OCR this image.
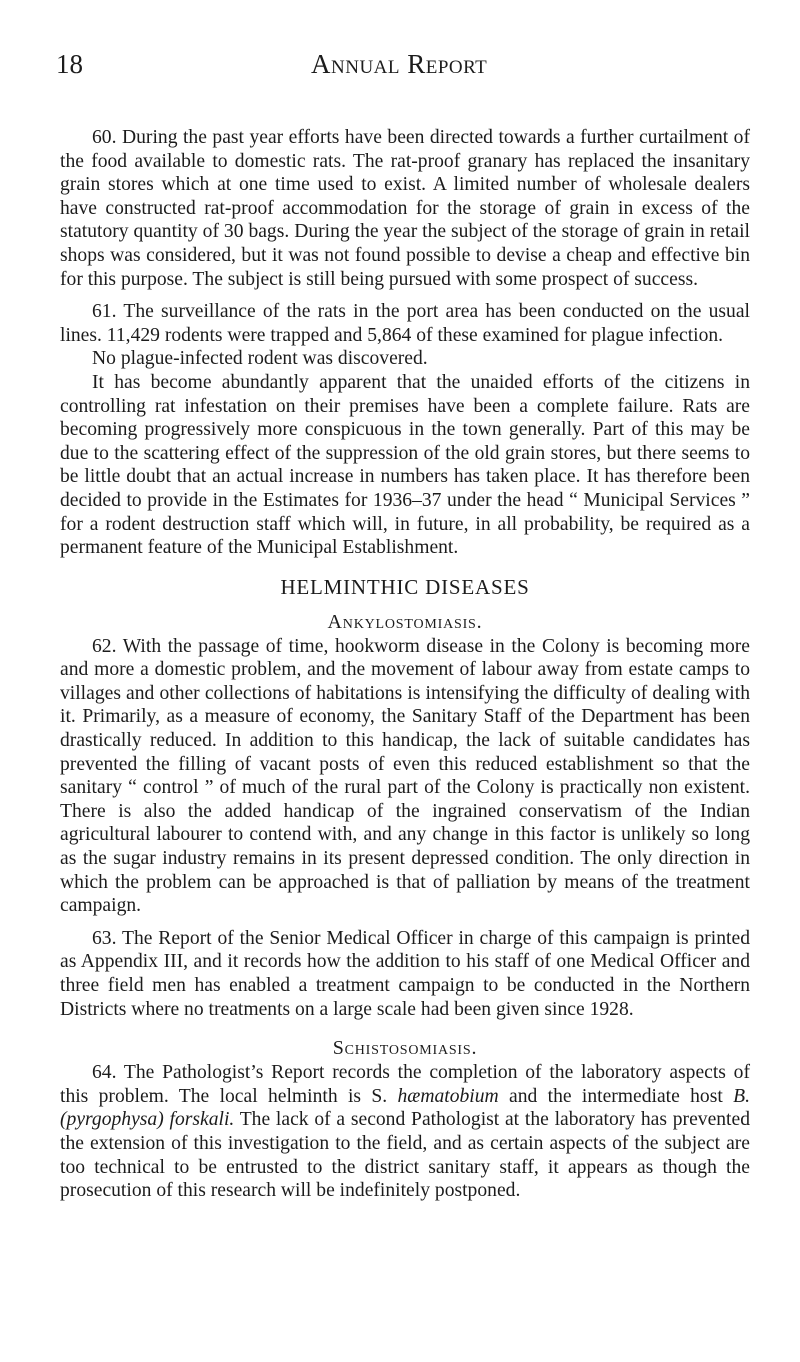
18	Annual Report

60. During the past year efforts have been directed towards a further curtailment of the food available to domestic rats. The rat-proof granary has replaced the insanitary grain stores which at one time used to exist. A limited number of wholesale dealers have constructed rat-proof accommodation for the storage of grain in excess of the statutory quantity of 30 bags. During the year the subject of the storage of grain in retail shops was considered, but it was not found possible to devise a cheap and effective bin for this purpose. The subject is still being pursued with some prospect of success.

61. The surveillance of the rats in the port area has been conducted on the usual lines. 11,429 rodents were trapped and 5,864 of these examined for plague infection.

No plague-infected rodent was discovered.

It has become abundantly apparent that the unaided efforts of the citizens in controlling rat infestation on their premises have been a complete failure. Rats are becoming progressively more conspicuous in the town generally. Part of this may be due to the scattering effect of the suppression of the old grain stores, but there seems to be little doubt that an actual increase in numbers has taken place. It has therefore been decided to provide in the Estimates for 1936–37 under the head “ Municipal Services ” for a rodent destruction staff which will, in future, in all probability, be required as a permanent feature of the Municipal Establishment.

HELMINTHIC DISEASES

Ankylostomiasis.

62. With the passage of time, hookworm disease in the Colony is becoming more and more a domestic problem, and the movement of labour away from estate camps to villages and other collections of habitations is intensifying the difficulty of dealing with it. Primarily, as a measure of economy, the Sanitary Staff of the Department has been drastically reduced. In addition to this handicap, the lack of suitable candidates has prevented the filling of vacant posts of even this reduced establishment so that the sanitary “ control ” of much of the rural part of the Colony is practically non existent. There is also the added handicap of the ingrained conservatism of the Indian agricultural labourer to contend with, and any change in this factor is unlikely so long as the sugar industry remains in its present depressed condition. The only direction in which the problem can be approached is that of palliation by means of the treatment campaign.

63. The Report of the Senior Medical Officer in charge of this campaign is printed as Appendix III, and it records how the addition to his staff of one Medical Officer and three field men has enabled a treatment campaign to be conducted in the Northern Districts where no treatments on a large scale had been given since 1928.

Schistosomiasis.

64. The Pathologist’s Report records the completion of the laboratory aspects of this problem. The local helminth is S. hæmatobium and the intermediate host B. (pyrgophysa) forskali. The lack of a second Pathologist at the laboratory has prevented the extension of this investigation to the field, and as certain aspects of the subject are too technical to be entrusted to the district sanitary staff, it appears as though the prosecution of this research will be indefinitely postponed.
